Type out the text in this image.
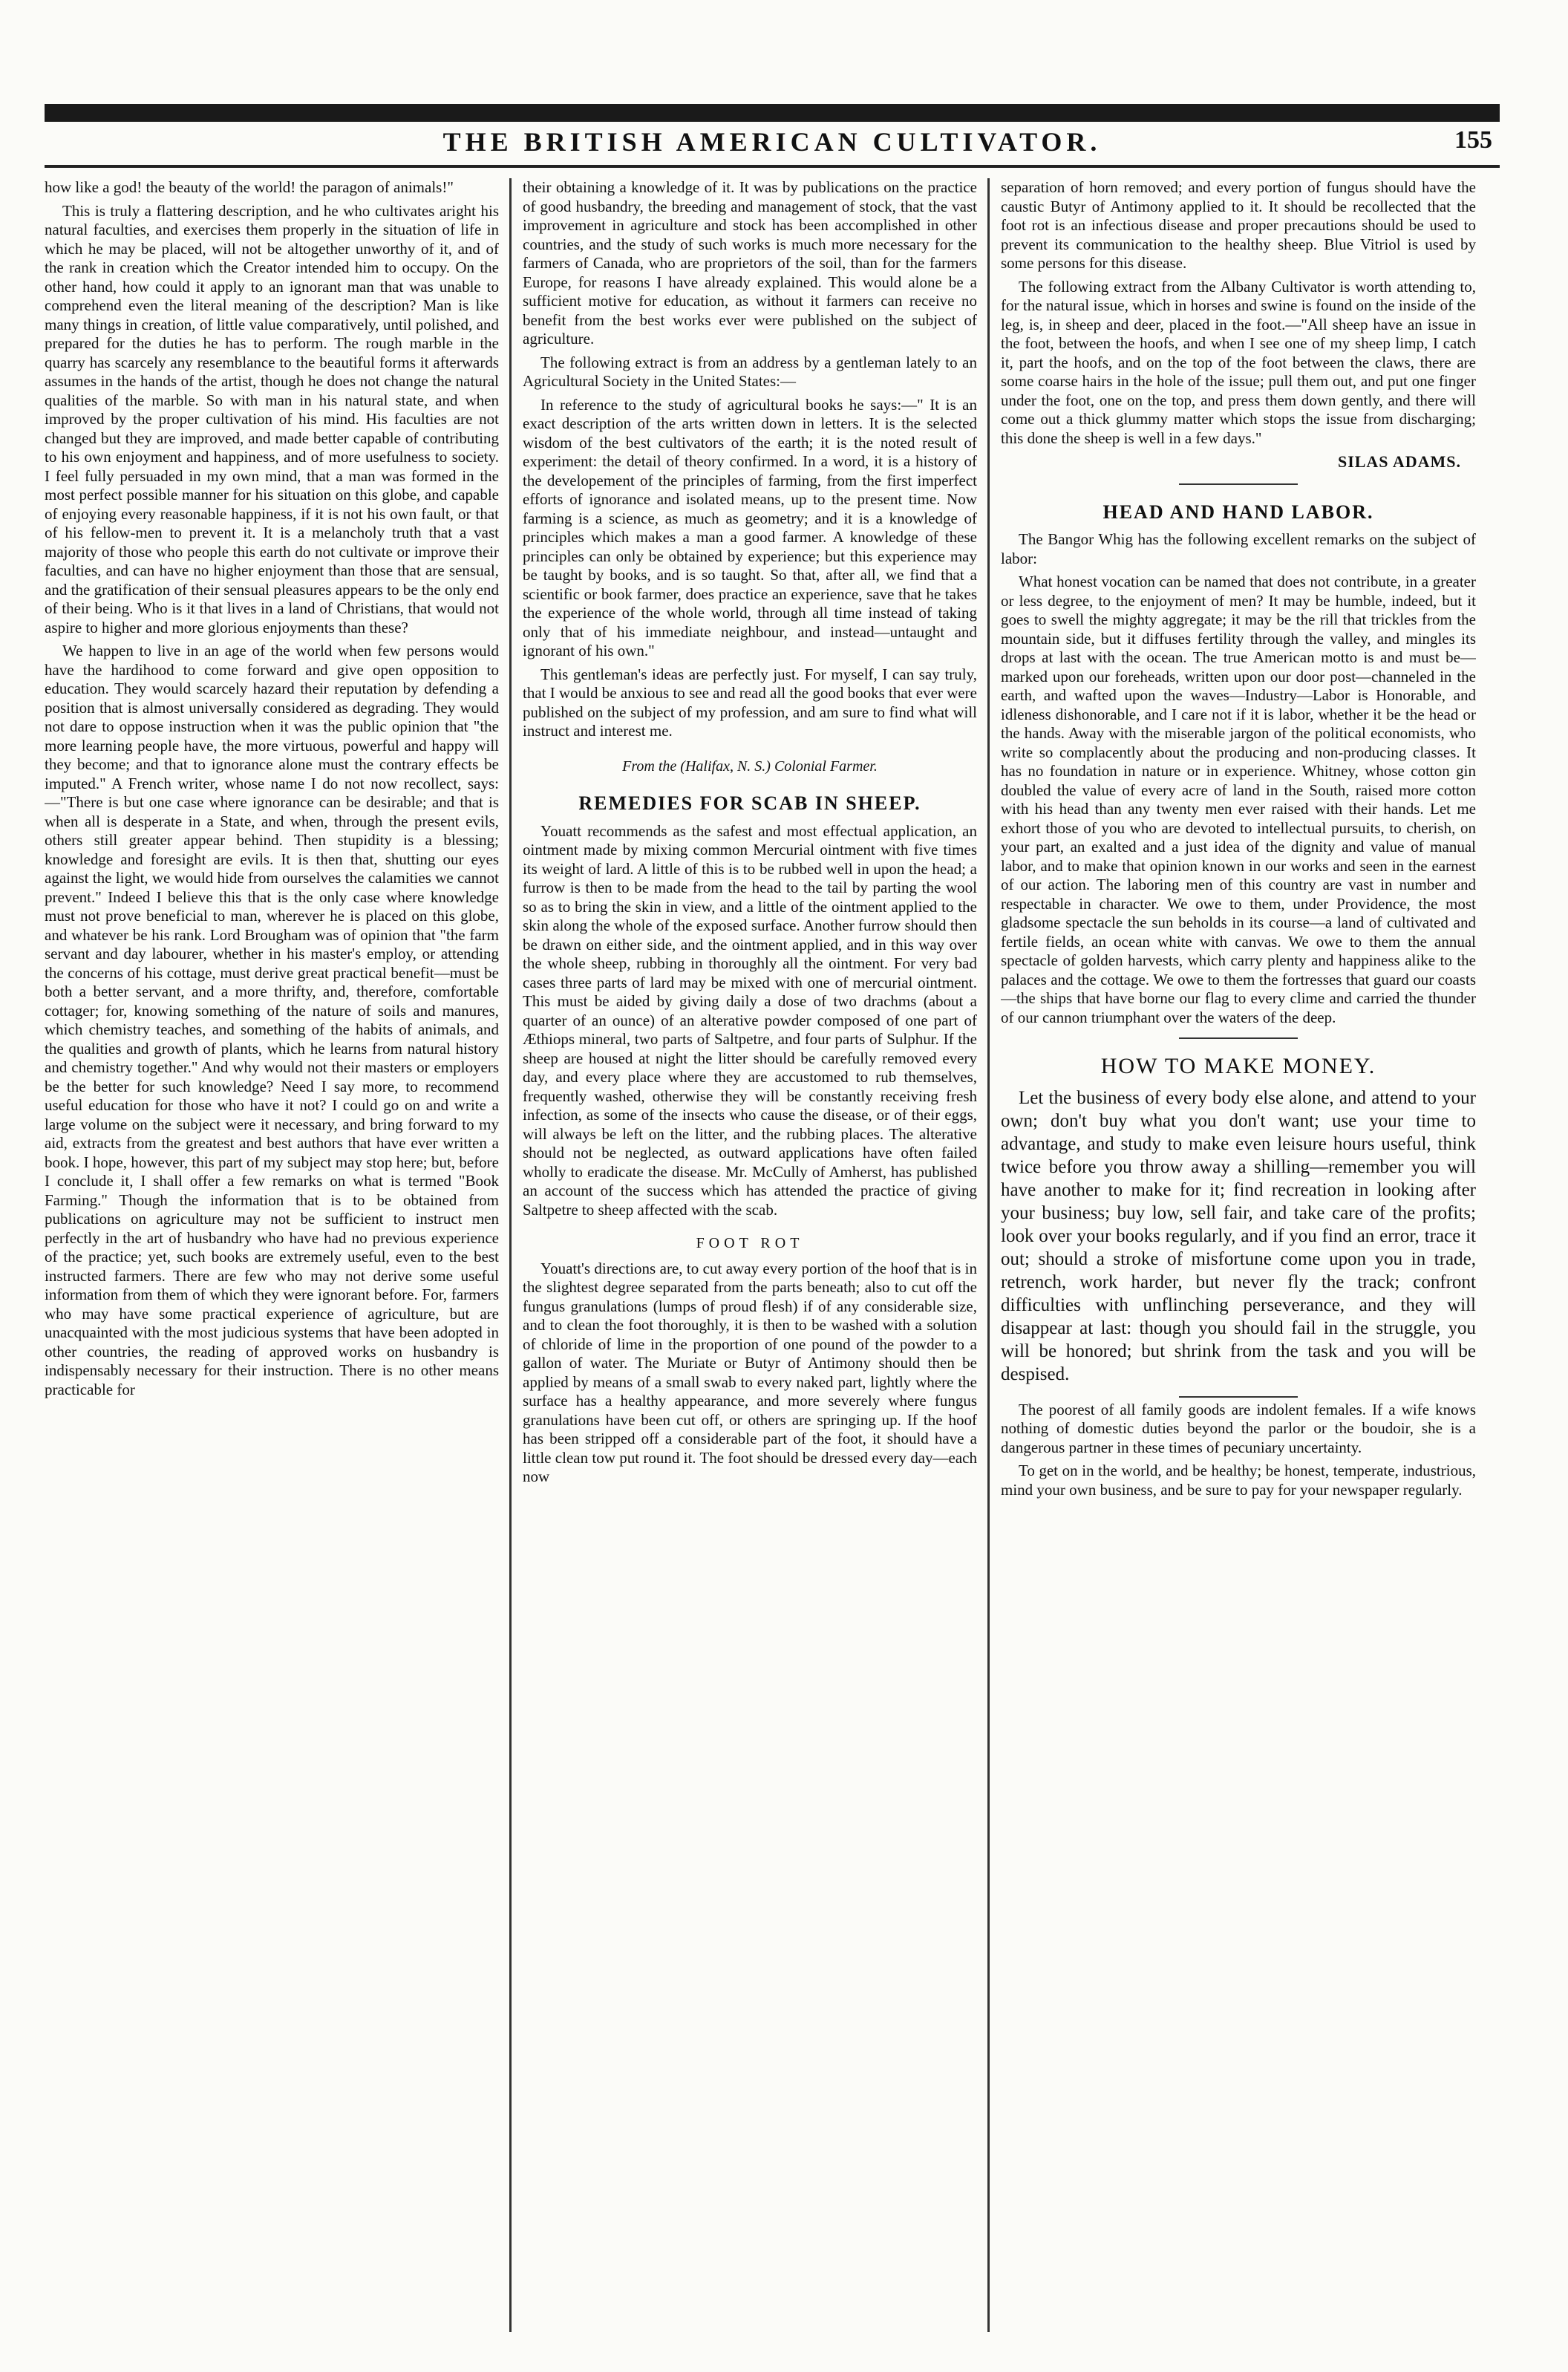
THE BRITISH AMERICAN CULTIVATOR.	155

how like a god! the beauty of the world! the paragon of animals!"

This is truly a flattering description, and he who cultivates aright his natural faculties, and exercises them properly in the situation of life in which he may be placed, will not be altogether unworthy of it, and of the rank in creation which the Creator intended him to occupy. On the other hand, how could it apply to an ignorant man that was unable to comprehend even the literal meaning of the description? Man is like many things in creation, of little value comparatively, until polished, and prepared for the duties he has to perform. The rough marble in the quarry has scarcely any resemblance to the beautiful forms it afterwards assumes in the hands of the artist, though he does not change the natural qualities of the marble. So with man in his natural state, and when improved by the proper cultivation of his mind. His faculties are not changed but they are improved, and made better capable of contributing to his own enjoyment and happiness, and of more usefulness to society. I feel fully persuaded in my own mind, that a man was formed in the most perfect possible manner for his situation on this globe, and capable of enjoying every reasonable happiness, if it is not his own fault, or that of his fellow-men to prevent it. It is a melancholy truth that a vast majority of those who people this earth do not cultivate or improve their faculties, and can have no higher enjoyment than those that are sensual, and the gratification of their sensual pleasures appears to be the only end of their being. Who is it that lives in a land of Christians, that would not aspire to higher and more glorious enjoyments than these?

We happen to live in an age of the world when few persons would have the hardihood to come forward and give open opposition to education. They would scarcely hazard their reputation by defending a position that is almost universally considered as degrading. They would not dare to oppose instruction when it was the public opinion that "the more learning people have, the more virtuous, powerful and happy will they become; and that to ignorance alone must the contrary effects be imputed." A French writer, whose name I do not now recollect, says:—"There is but one case where ignorance can be desirable; and that is when all is desperate in a State, and when, through the present evils, others still greater appear behind. Then stupidity is a blessing; knowledge and foresight are evils. It is then that, shutting our eyes against the light, we would hide from ourselves the calamities we cannot prevent." Indeed I believe this that is the only case where knowledge must not prove beneficial to man, wherever he is placed on this globe, and whatever be his rank. Lord Brougham was of opinion that "the farm servant and day labourer, whether in his master's employ, or attending the concerns of his cottage, must derive great practical benefit—must be both a better servant, and a more thrifty, and, therefore, comfortable cottager; for, knowing something of the nature of soils and manures, which chemistry teaches, and something of the habits of animals, and the qualities and growth of plants, which he learns from natural history and chemistry together." And why would not their masters or employers be the better for such knowledge? Need I say more, to recommend useful education for those who have it not? I could go on and write a large volume on the subject were it necessary, and bring forward to my aid, extracts from the greatest and best authors that have ever written a book. I hope, however, this part of my subject may stop here; but, before I conclude it, I shall offer a few remarks on what is termed "Book Farming." Though the information that is to be obtained from publications on agriculture may not be sufficient to instruct men perfectly in the art of husbandry who have had no previous experience of the practice; yet, such books are extremely useful, even to the best instructed farmers. There are few who may not derive some useful information from them of which they were ignorant before. For, farmers who may have some practical experience of agriculture, but are unacquainted with the most judicious systems that have been adopted in other countries, the reading of approved works on husbandry is indispensably necessary for their instruction. There is no other means practicable for

their obtaining a knowledge of it. It was by publications on the practice of good husbandry, the breeding and management of stock, that the vast improvement in agriculture and stock has been accomplished in other countries, and the study of such works is much more necessary for the farmers of Canada, who are proprietors of the soil, than for the farmers Europe, for reasons I have already explained. This would alone be a sufficient motive for education, as without it farmers can receive no benefit from the best works ever were published on the subject of agriculture.

The following extract is from an address by a gentleman lately to an Agricultural Society in the United States:—

In reference to the study of agricultural books he says:—" It is an exact description of the arts written down in letters. It is the selected wisdom of the best cultivators of the earth; it is the noted result of experiment: the detail of theory confirmed. In a word, it is a history of the developement of the principles of farming, from the first imperfect efforts of ignorance and isolated means, up to the present time. Now farming is a science, as much as geometry; and it is a knowledge of principles which makes a man a good farmer. A knowledge of these principles can only be obtained by experience; but this experience may be taught by books, and is so taught. So that, after all, we find that a scientific or book farmer, does practice an experience, save that he takes the experience of the whole world, through all time instead of taking only that of his immediate neighbour, and instead—untaught and ignorant of his own."

This gentleman's ideas are perfectly just. For myself, I can say truly, that I would be anxious to see and read all the good books that ever were published on the subject of my profession, and am sure to find what will instruct and interest me.

From the (Halifax, N. S.) Colonial Farmer.
REMEDIES FOR SCAB IN SHEEP.

Youatt recommends as the safest and most effectual application, an ointment made by mixing common Mercurial ointment with five times its weight of lard. A little of this is to be rubbed well in upon the head; a furrow is then to be made from the head to the tail by parting the wool so as to bring the skin in view, and a little of the ointment applied to the skin along the whole of the exposed surface. Another furrow should then be drawn on either side, and the ointment applied, and in this way over the whole sheep, rubbing in thoroughly all the ointment. For very bad cases three parts of lard may be mixed with one of mercurial ointment. This must be aided by giving daily a dose of two drachms (about a quarter of an ounce) of an alterative powder composed of one part of Æthiops mineral, two parts of Saltpetre, and four parts of Sulphur. If the sheep are housed at night the litter should be carefully removed every day, and every place where they are accustomed to rub themselves, frequently washed, otherwise they will be constantly receiving fresh infection, as some of the insects who cause the disease, or of their eggs, will always be left on the litter, and the rubbing places. The alterative should not be neglected, as outward applications have often failed wholly to eradicate the disease. Mr. McCully of Amherst, has published an account of the success which has attended the practice of giving Saltpetre to sheep affected with the scab.

FOOT ROT

Youatt's directions are, to cut away every portion of the hoof that is in the slightest degree separated from the parts beneath; also to cut off the fungus granulations (lumps of proud flesh) if of any considerable size, and to clean the foot thoroughly, it is then to be washed with a solution of chloride of lime in the proportion of one pound of the powder to a gallon of water. The Muriate or Butyr of Antimony should then be applied by means of a small swab to every naked part, lightly where the surface has a healthy appearance, and more severely where fungus granulations have been cut off, or others are springing up. If the hoof has been stripped off a considerable part of the foot, it should have a little clean tow put round it. The foot should be dressed every day—each now

separation of horn removed; and every portion of fungus should have the caustic Butyr of Antimony applied to it. It should be recollected that the foot rot is an infectious disease and proper precautions should be used to prevent its communication to the healthy sheep. Blue Vitriol is used by some persons for this disease.

The following extract from the Albany Cultivator is worth attending to, for the natural issue, which in horses and swine is found on the inside of the leg, is, in sheep and deer, placed in the foot.—"All sheep have an issue in the foot, between the hoofs, and when I see one of my sheep limp, I catch it, part the hoofs, and on the top of the foot between the claws, there are some coarse hairs in the hole of the issue; pull them out, and put one finger under the foot, one on the top, and press them down gently, and there will come out a thick glummy matter which stops the issue from discharging; this done the sheep is well in a few days."

SILAS ADAMS.
HEAD AND HAND LABOR.

The Bangor Whig has the following excellent remarks on the subject of labor:

What honest vocation can be named that does not contribute, in a greater or less degree, to the enjoyment of men? It may be humble, indeed, but it goes to swell the mighty aggregate; it may be the rill that trickles from the mountain side, but it diffuses fertility through the valley, and mingles its drops at last with the ocean. The true American motto is and must be—marked upon our foreheads, written upon our door post—channeled in the earth, and wafted upon the waves—Industry—Labor is Honorable, and idleness dishonorable, and I care not if it is labor, whether it be the head or the hands. Away with the miserable jargon of the political economists, who write so complacently about the producing and non-producing classes. It has no foundation in nature or in experience. Whitney, whose cotton gin doubled the value of every acre of land in the South, raised more cotton with his head than any twenty men ever raised with their hands. Let me exhort those of you who are devoted to intellectual pursuits, to cherish, on your part, an exalted and a just idea of the dignity and value of manual labor, and to make that opinion known in our works and seen in the earnest of our action. The laboring men of this country are vast in number and respectable in character. We owe to them, under Providence, the most gladsome spectacle the sun beholds in its course—a land of cultivated and fertile fields, an ocean white with canvas. We owe to them the annual spectacle of golden harvests, which carry plenty and happiness alike to the palaces and the cottage. We owe to them the fortresses that guard our coasts—the ships that have borne our flag to every clime and carried the thunder of our cannon triumphant over the waters of the deep.

HOW TO MAKE MONEY.

Let the business of every body else alone, and attend to your own; don't buy what you don't want; use your time to advantage, and study to make even leisure hours useful, think twice before you throw away a shilling—remember you will have another to make for it; find recreation in looking after your business; buy low, sell fair, and take care of the profits; look over your books regularly, and if you find an error, trace it out; should a stroke of misfortune come upon you in trade, retrench, work harder, but never fly the track; confront difficulties with unflinching perseverance, and they will disappear at last: though you should fail in the struggle, you will be honored; but shrink from the task and you will be despised.

The poorest of all family goods are indolent females. If a wife knows nothing of domestic duties beyond the parlor or the boudoir, she is a dangerous partner in these times of pecuniary uncertainty.

To get on in the world, and be healthy; be honest, temperate, industrious, mind your own business, and be sure to pay for your newspaper regularly.
